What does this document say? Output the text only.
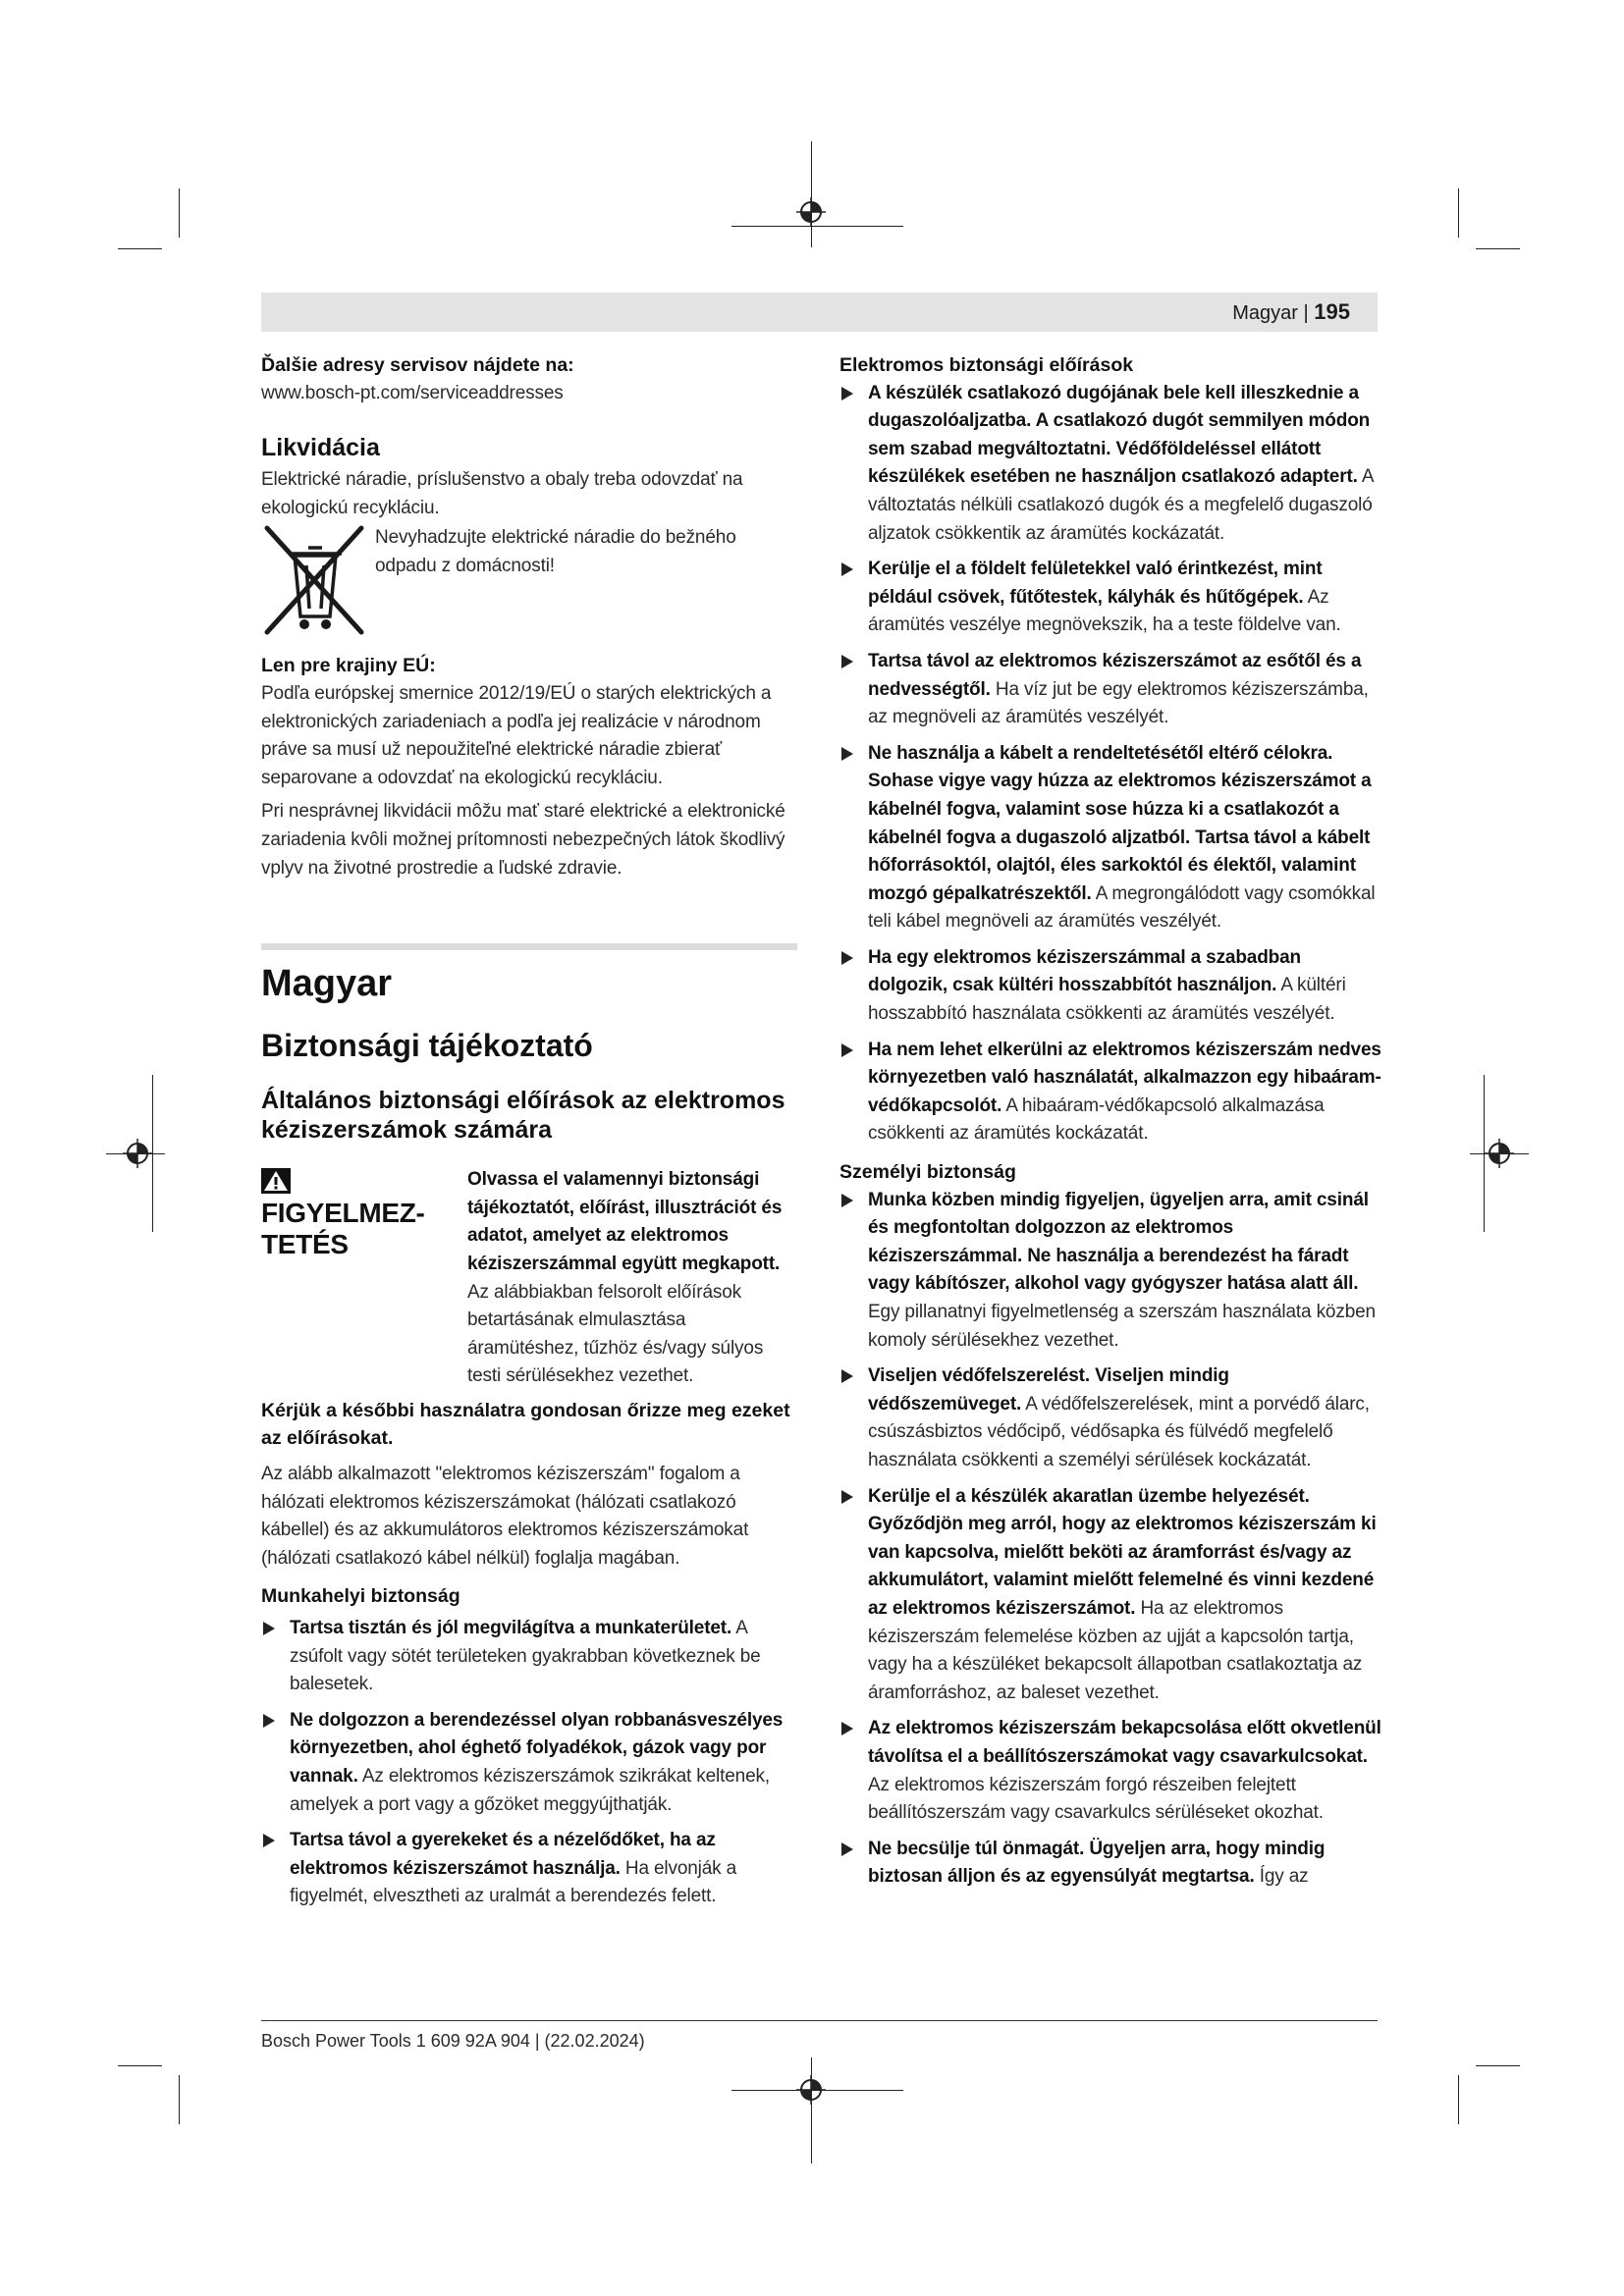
Magyar | 195

Ďalšie adresy servisov nájdete na:

www.bosch-pt.com/serviceaddresses

Likvidácia

Elektrické náradie, príslušenstvo a obaly treba odovzdať na ekologickú recykláciu.

Nevyhadzujte elektrické náradie do bežného odpadu z domácnosti!

Len pre krajiny EÚ:

Podľa európskej smernice 2012/19/EÚ o starých elektrických a elektronických zariadeniach a podľa jej realizácie v národnom práve sa musí už nepoužiteľné elektrické náradie zbierať separovane a odovzdať na ekologickú recykláciu.

Pri nesprávnej likvidácii môžu mať staré elektrické a elektronické zariadenia kvôli možnej prítomnosti nebezpečných látok škodlivý vplyv na životné prostredie a ľudské zdravie.

Magyar
Biztonsági tájékoztató
Általános biztonsági előírások az elektromos kéziszerszámok számára
FIGYELMEZ-TETÉS

Olvassa el valamennyi biztonsági tájékoztatót, előírást, illusztrációt és adatot, amelyet az elektromos kéziszerszámmal együtt megkapott. Az alábbiakban felsorolt előírások betartásának elmulasztása áramütéshez, tűzhöz és/vagy súlyos testi sérülésekhez vezethet.

Kérjük a későbbi használatra gondosan őrizze meg ezeket az előírásokat.

Az alább alkalmazott "elektromos kéziszerszám" fogalom a hálózati elektromos kéziszerszámokat (hálózati csatlakozó kábellel) és az akkumulátoros elektromos kéziszerszámokat (hálózati csatlakozó kábel nélkül) foglalja magában.

Munkahelyi biztonság

Tartsa tisztán és jól megvilágítva a munkaterületet. A zsúfolt vagy sötét területeken gyakrabban következnek be balesetek.
Ne dolgozzon a berendezéssel olyan robbanásveszélyes környezetben, ahol éghető folyadékok, gázok vagy por vannak. Az elektromos kéziszerszámok szikrákat keltenek, amelyek a port vagy a gőzöket meggyújthatják.
Tartsa távol a gyerekeket és a nézelődőket, ha az elektromos kéziszerszámot használja. Ha elvonják a figyelmét, elvesztheti az uralmát a berendezés felett.

Elektromos biztonsági előírások

A készülék csatlakozó dugójának bele kell illeszkednie a dugaszolóaljzatba. A csatlakozó dugót semmilyen módon sem szabad megváltoztatni. Védőföldeléssel ellátott készülékek esetében ne használjon csatlakozó adaptert. A változtatás nélküli csatlakozó dugók és a megfelelő dugaszoló aljzatok csökkentik az áramütés kockázatát.
Kerülje el a földelt felületekkel való érintkezést, mint például csövek, fűtőtestek, kályhák és hűtőgépek. Az áramütés veszélye megnövekszik, ha a teste földelve van.
Tartsa távol az elektromos kéziszerszámot az esőtől és a nedvességtől. Ha víz jut be egy elektromos kéziszerszámba, az megnöveli az áramütés veszélyét.
Ne használja a kábelt a rendeltetésétől eltérő célokra. Sohase vigye vagy húzza az elektromos kéziszerszámot a kábelnél fogva, valamint sose húzza ki a csatlakozót a kábelnél fogva a dugaszoló aljzatból. Tartsa távol a kábelt hőforrásoktól, olajtól, éles sarkoktól és élektől, valamint mozgó gépalkatrészektől. A megrongálódott vagy csomókkal teli kábel megnöveli az áramütés veszélyét.
Ha egy elektromos kéziszerszámmal a szabadban dolgozik, csak kültéri hosszabbítót használjon. A kültéri hosszabbító használata csökkenti az áramütés veszélyét.
Ha nem lehet elkerülni az elektromos kéziszerszám nedves környezetben való használatát, alkalmazzon egy hibaáram-védőkapcsolót. A hibaáram-védőkapcsoló alkalmazása csökkenti az áramütés kockázatát.

Személyi biztonság

Munka közben mindig figyeljen, ügyeljen arra, amit csinál és megfontoltan dolgozzon az elektromos kéziszerszámmal. Ne használja a berendezést ha fáradt vagy kábítószer, alkohol vagy gyógyszer hatása alatt áll. Egy pillanatnyi figyelmetlenség a szerszám használata közben komoly sérülésekhez vezethet.
Viseljen védőfelszerelést. Viseljen mindig védőszemüveget. A védőfelszerelések, mint a porvédő álarc, csúszásbiztos védőcipő, védősapka és fülvédő megfelelő használata csökkenti a személyi sérülések kockázatát.
Kerülje el a készülék akaratlan üzembe helyezését. Győződjön meg arról, hogy az elektromos kéziszerszám ki van kapcsolva, mielőtt beköti az áramforrást és/vagy az akkumulátort, valamint mielőtt felemelné és vinni kezdené az elektromos kéziszerszámot. Ha az elektromos kéziszerszám felemelése közben az ujját a kapcsolón tartja, vagy ha a készüléket bekapcsolt állapotban csatlakoztatja az áramforráshoz, az baleset vezethet.
Az elektromos kéziszerszám bekapcsolása előtt okvetlenül távolítsa el a beállítószerszámokat vagy csavarkulcsokat. Az elektromos kéziszerszám forgó részeiben felejtett beállítószerszám vagy csavarkulcs sérüléseket okozhat.
Ne becsülje túl önmagát. Ügyeljen arra, hogy mindig biztosan álljon és az egyensúlyát megtartsa. Így az
Bosch Power Tools 1 609 92A 904 | (22.02.2024)
